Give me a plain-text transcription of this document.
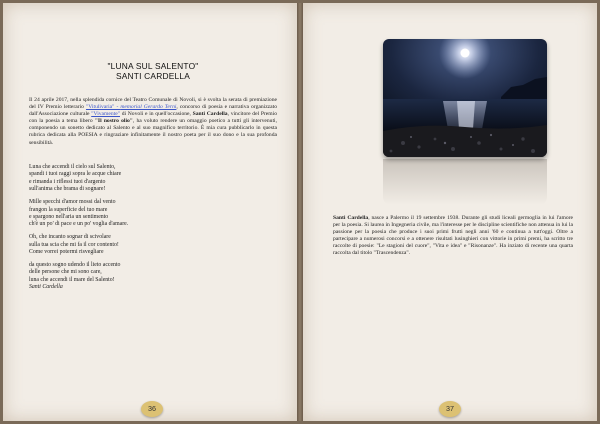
"LUNA SUL SALENTO"
SANTI CARDELLA
Il 24 aprile 2017, nella splendida cornice del Teatro Comunale di Novoli, si è svolta la serata di premiazione del IV Premio letterario "Vitulivaria" - memorial Gerardo Terni, concorso di poesia e narrativa organizzato dall'Associazione culturale "Vivamente" di Novoli e in quell'occasione, Santi Cardella, vincitore del Premio con la poesia a tema libero "Il nostro olio", ha voluto rendere un omaggio poetico a tutti gli intervenuti, componendo un sonetto dedicato al Salento e al suo magnifico territorio. È mia cura pubblicarlo in questa rubrica dedicata alla POESIA e ringraziare infinitamente il nostro poeta per il suo dono e la sua profonda sensibilità.

Luna che accendi il cielo sul Salento,
spandi i tuoi raggi sopra le acque chiare
e rimanda i riflessi tuoi d'argento
sull'anima che brama di sognare!

Mille specchi d'amor mossi dal vento
frangon la superficie del tuo mare
e spargono nell'aria un sentimento
ch'è un po' di pace e un po' voglia d'amare.

Oh, che incanto sognar di scivolare
sulla tua scia che mi fa il cor contento!
Come vorrei potermi risvegliare

da questo sogno udendo il lieto accento
delle persone che mi sono care,
luna che accendi il mare del Salento!
Santi Cardella

36
Santi Cardella, nasce a Palermo il 19 settembre 1938. Durante gli studi liceali germoglia in lui l'amore per la poesia. Si laurea in Ingegneria civile, ma l'interesse per le discipline scientifiche non attenua in lui la passione per la poesia che produce i suoi primi frutti negli anni '60 e continua a tutt'oggi. Oltre a partecipare a numerosi concorsi e a ottenere risultati lusinghieri con vittorie in primi premi, ha scritto tre raccolte di poesie: "Le stagioni del cuore", "Vita e idea" e "Risonanze". Ha inziato di recente una quarta raccolta dal titolo "Trascendenza".
37
